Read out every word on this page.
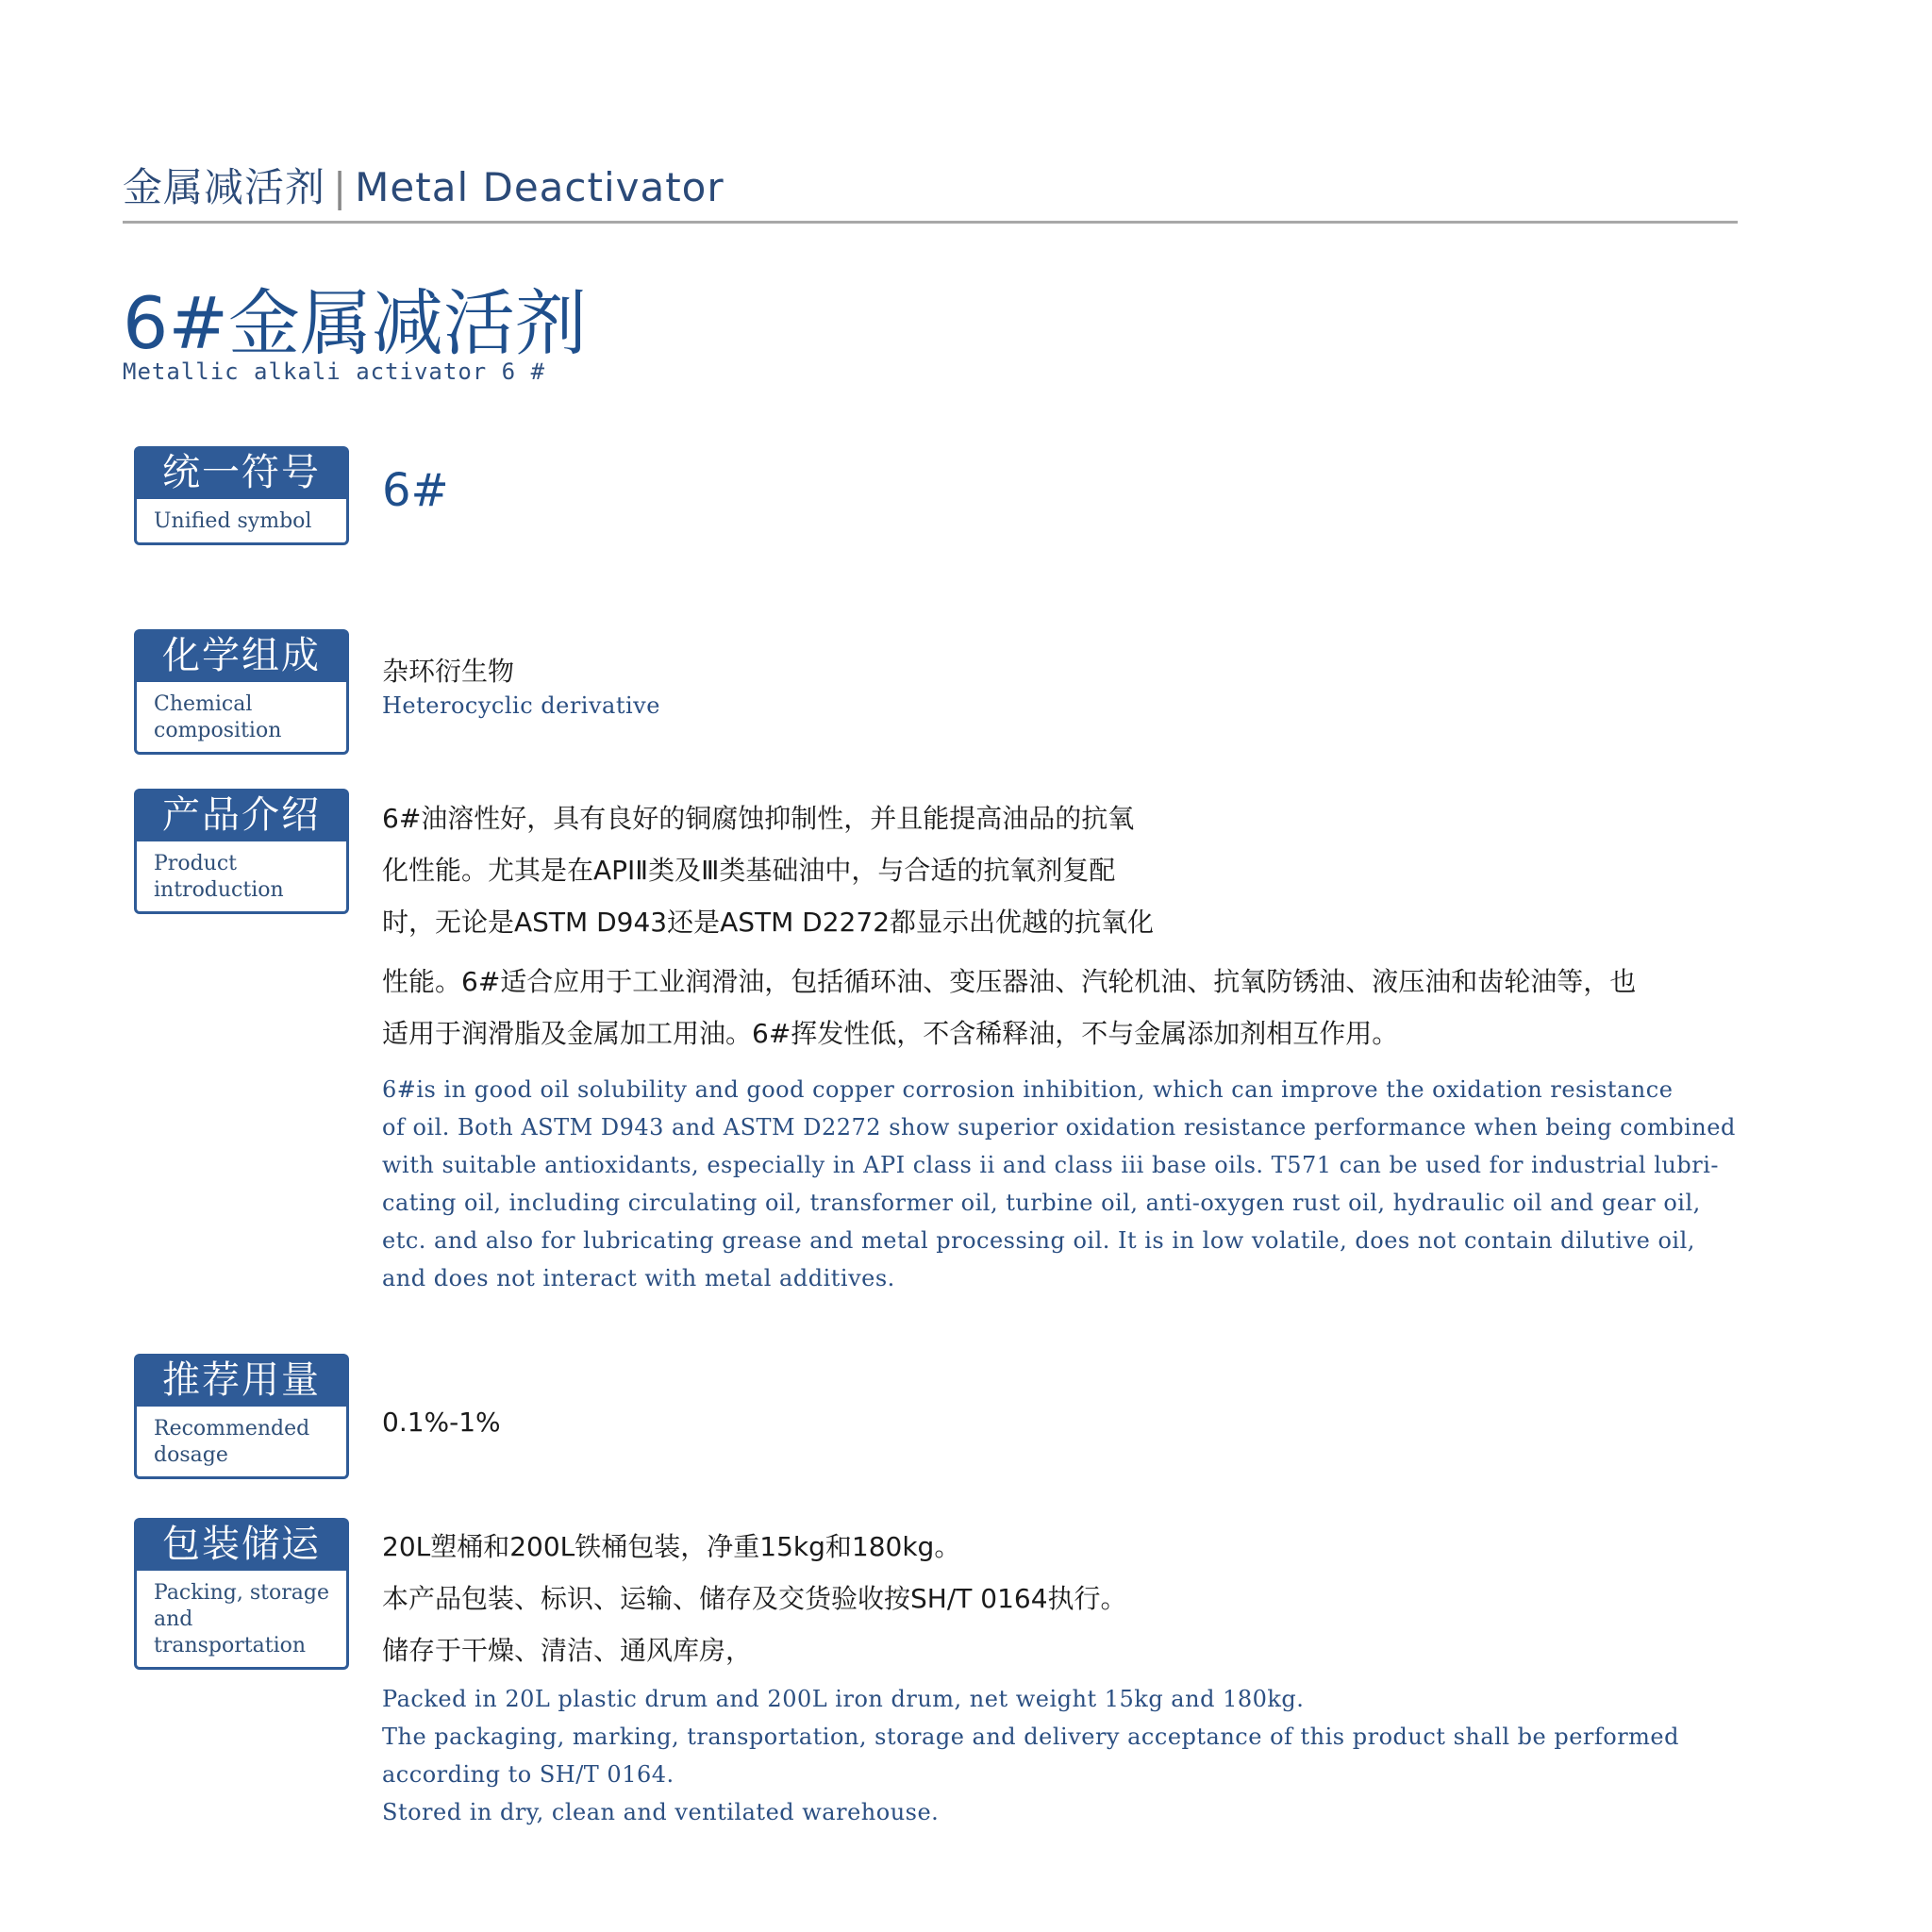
金属减活剂 | Metal Deactivator
6#金属减活剂
Metallic alkali activator 6 #
统一符号
Unified symbol
6#
化学组成
Chemical
composition
杂环衍生物
Heterocyclic derivative
产品介绍
Product
introduction
6#油溶性好，具有良好的铜腐蚀抑制性，并且能提高油品的抗氧
化性能。尤其是在APIⅡ类及Ⅲ类基础油中，与合适的抗氧剂复配
时，无论是ASTM D943还是ASTM D2272都显示出优越的抗氧化
性能。6#适合应用于工业润滑油，包括循环油、变压器油、汽轮机油、抗氧防锈油、液压油和齿轮油等，也
适用于润滑脂及金属加工用油。6#挥发性低，不含稀释油，不与金属添加剂相互作用。
6#is in good oil solubility and good copper corrosion inhibition, which can improve the oxidation resistance
of oil. Both ASTM D943 and ASTM D2272 show superior oxidation resistance performance when being combined
with suitable antioxidants, especially in API class ii and class iii base oils. T571 can be used for industrial lubri-
cating oil, including circulating oil, transformer oil, turbine oil, anti-oxygen rust oil, hydraulic oil and gear oil,
etc. and also for lubricating grease and metal processing oil. It is in low volatile, does not contain dilutive oil,
and does not interact with metal additives.
推荐用量
Recommended
dosage
0.1%-1%
包装储运
Packing, storage
and transportation
20L塑桶和200L铁桶包装，净重15kg和180kg。
本产品包装、标识、运输、储存及交货验收按SH/T 0164执行。
储存于干燥、清洁、通风库房，
Packed in 20L plastic drum and 200L iron drum, net weight 15kg and 180kg.
The packaging, marking, transportation, storage and delivery acceptance of this product shall be performed
according to SH/T 0164.
Stored in dry, clean and ventilated warehouse.
